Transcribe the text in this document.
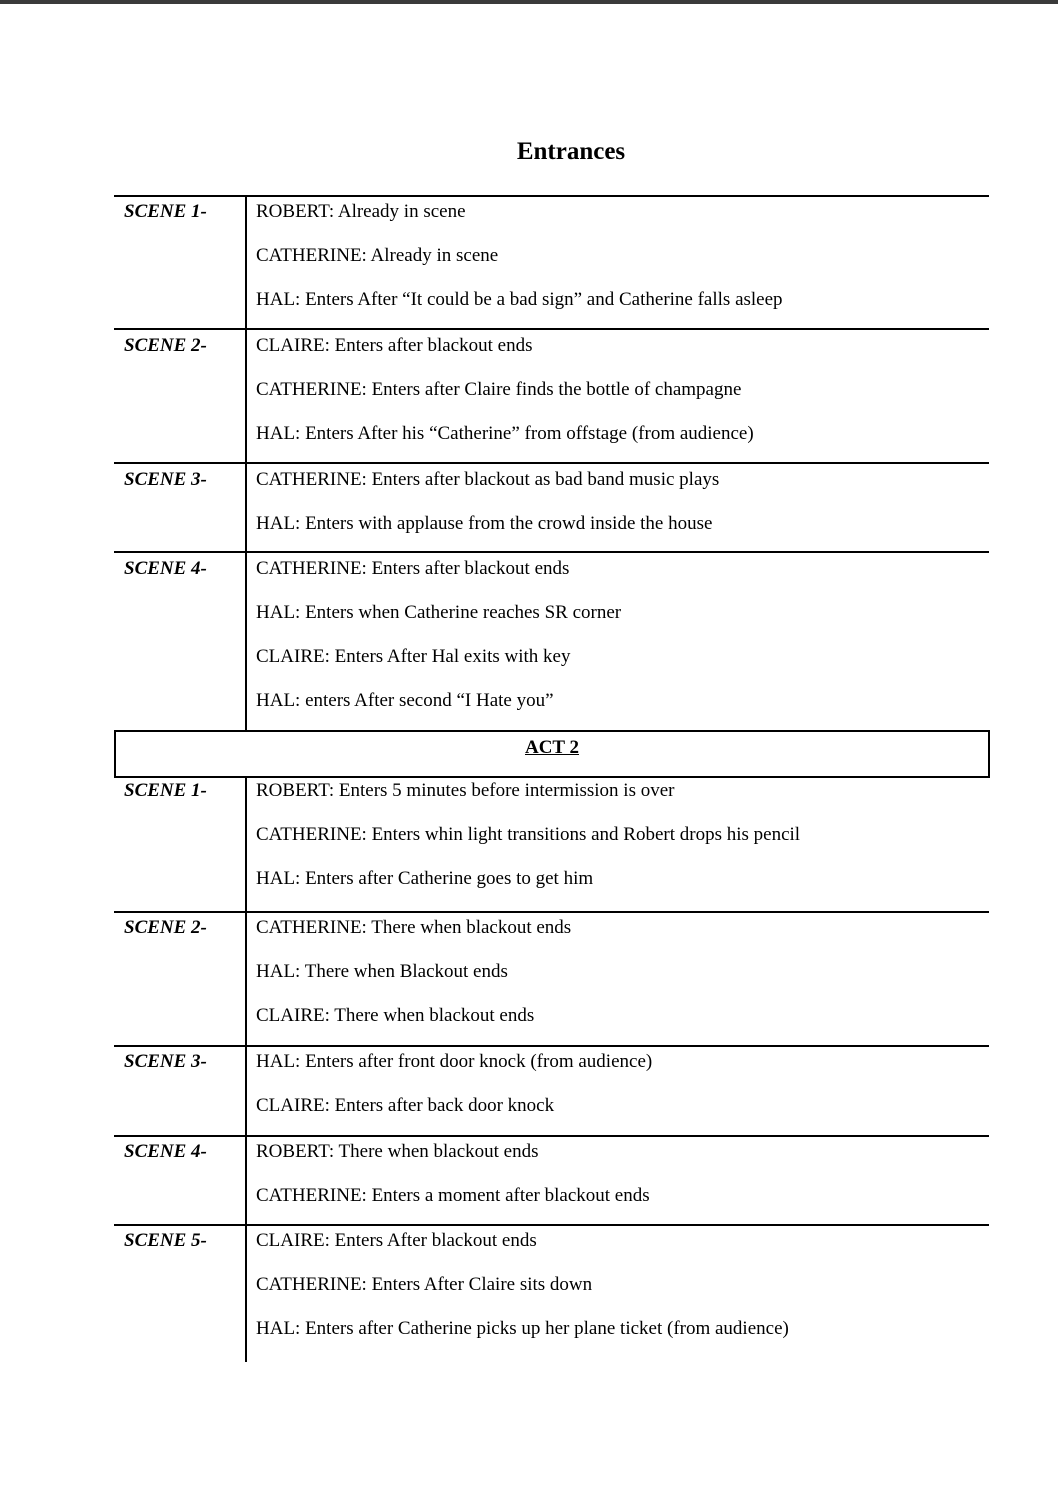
Entrances
SCENE 1-	ROBERT: Already in scene
CATHERINE: Already in scene
HAL: Enters After “It could be a bad sign” and Catherine falls asleep
SCENE 2-	CLAIRE: Enters after blackout ends
CATHERINE: Enters after Claire finds the bottle of champagne
HAL: Enters After his “Catherine” from offstage (from audience)
SCENE 3-	CATHERINE: Enters after blackout as bad band music plays
HAL: Enters with applause from the crowd inside the house
SCENE 4-	CATHERINE: Enters after blackout ends
HAL: Enters when Catherine reaches SR corner
CLAIRE: Enters After Hal exits with key
HAL: enters After second “I Hate you”
ACT 2
SCENE 1-	ROBERT: Enters 5 minutes before intermission is over
CATHERINE: Enters whin light transitions and Robert drops his pencil
HAL: Enters after Catherine goes to get him
SCENE 2-	CATHERINE: There when blackout ends
HAL: There when Blackout ends
CLAIRE: There when blackout ends
SCENE 3-	HAL: Enters after front door knock (from audience)
CLAIRE: Enters after back door knock
SCENE 4-	ROBERT: There when blackout ends
CATHERINE: Enters a moment after blackout ends
SCENE 5-	CLAIRE: Enters After blackout ends
CATHERINE: Enters After Claire sits down
HAL: Enters after Catherine picks up her plane ticket (from audience)
